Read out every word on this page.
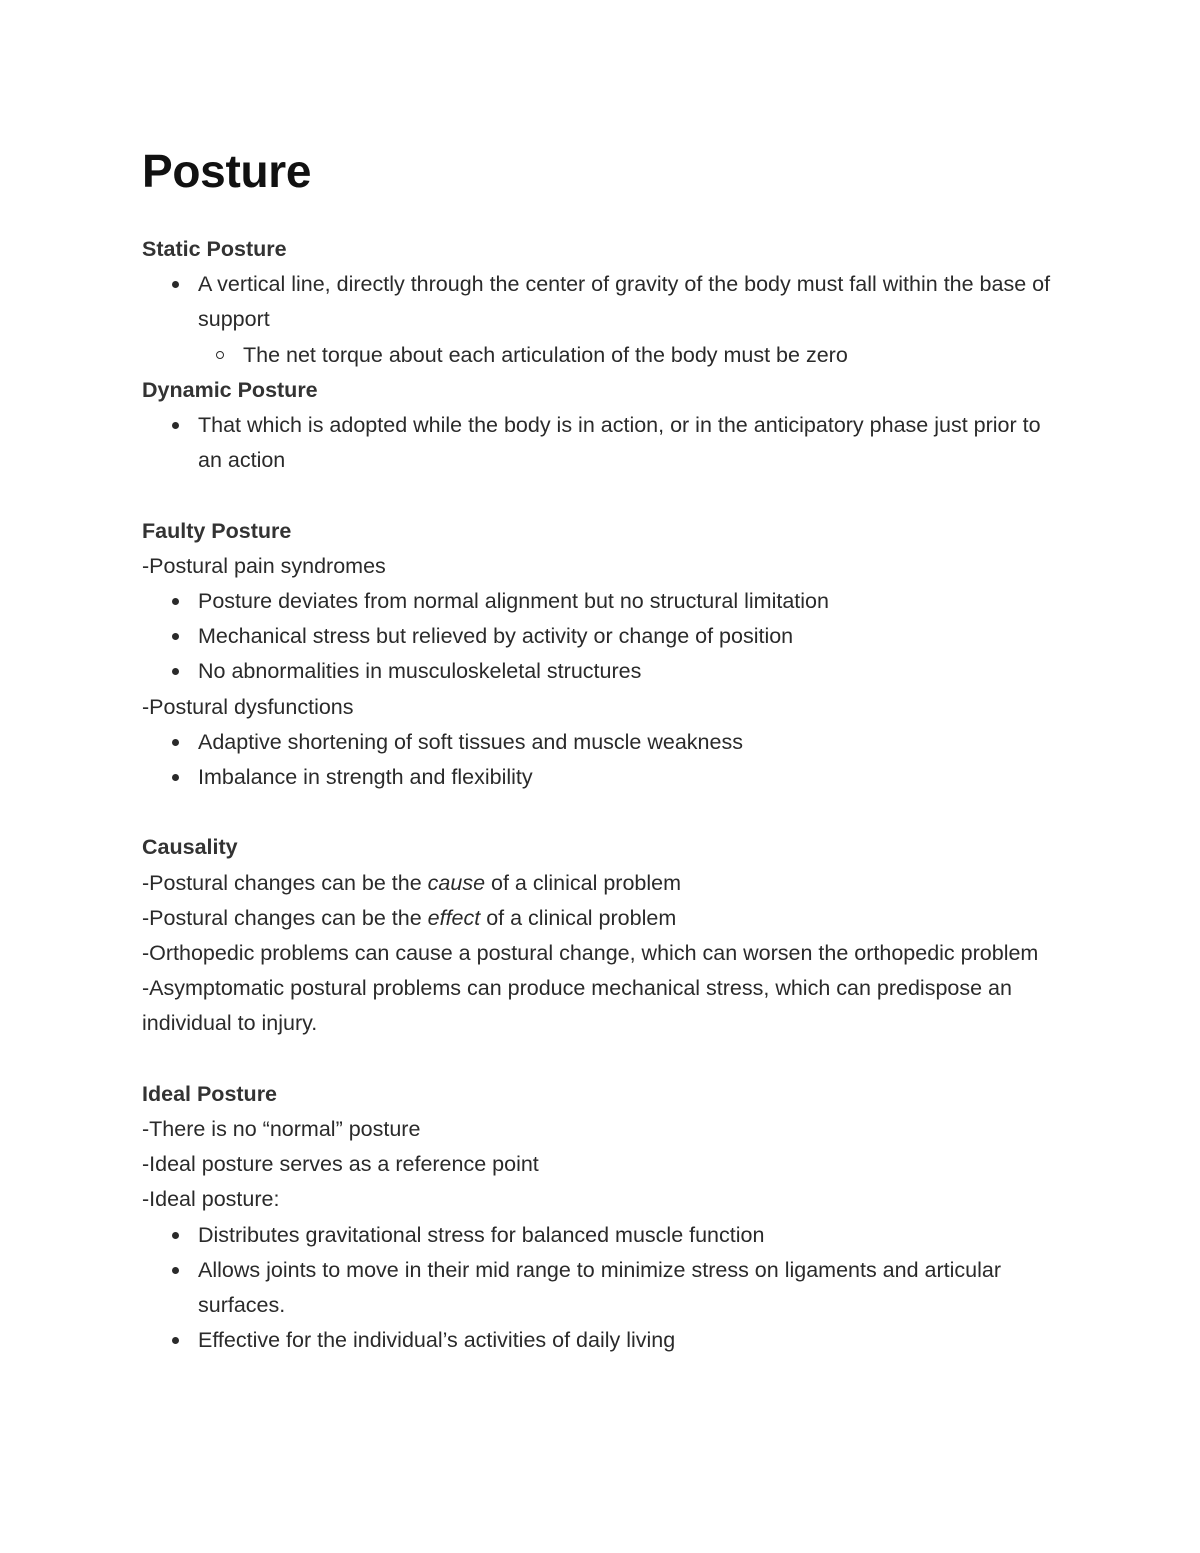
Posture

Static Posture

A vertical line, directly through the center of gravity of the body must fall within the base of support
The net torque about each articulation of the body must be zero

Dynamic Posture

That which is adopted while the body is in action, or in the anticipatory phase just prior to an action

Faulty Posture

-Postural pain syndromes

Posture deviates from normal alignment but no structural limitation
Mechanical stress but relieved by activity or change of position
No abnormalities in musculoskeletal structures

-Postural dysfunctions

Adaptive shortening of soft tissues and muscle weakness
Imbalance in strength and flexibility

Causality

-Postural changes can be the cause of a clinical problem

-Postural changes can be the effect of a clinical problem

-Orthopedic problems can cause a postural change, which can worsen the orthopedic problem

-Asymptomatic postural problems can produce mechanical stress, which can predispose an individual to injury.

Ideal Posture

-There is no “normal” posture

-Ideal posture serves as a reference point

-Ideal posture:

Distributes gravitational stress for balanced muscle function
Allows joints to move in their mid range to minimize stress on ligaments and articular surfaces.
Effective for the individual’s activities of daily living
